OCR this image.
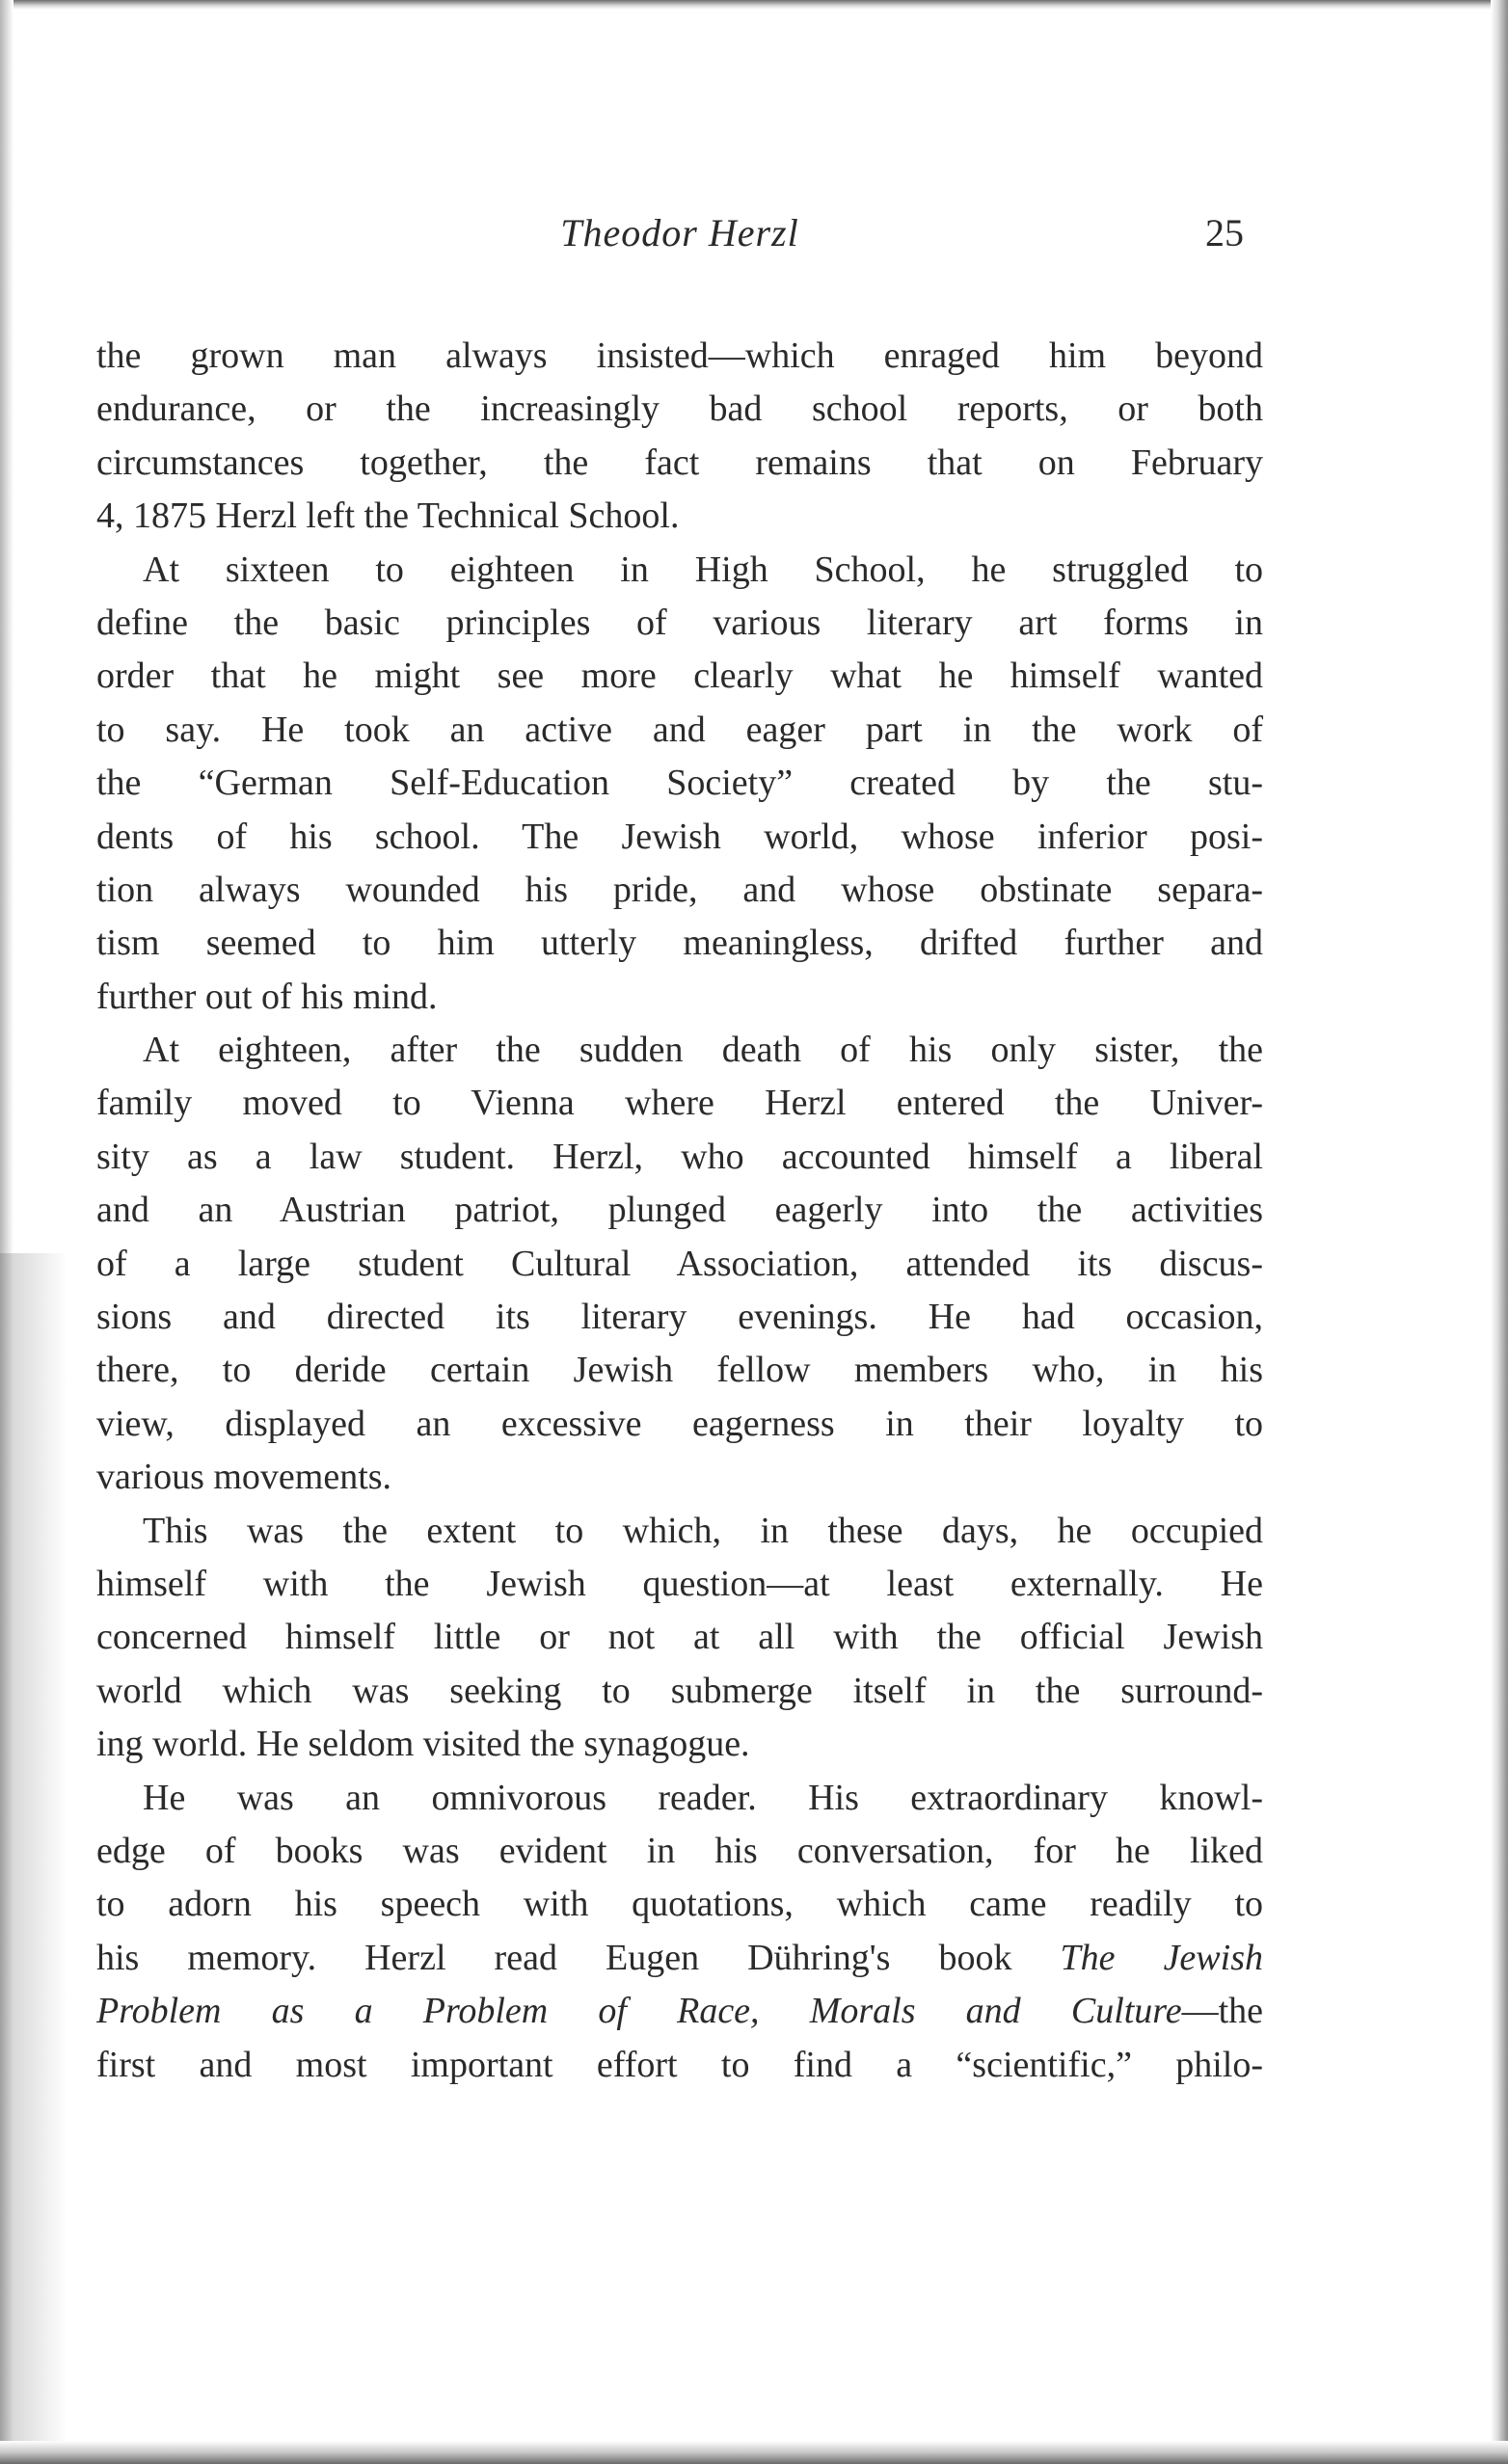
Theodor Herzl	25
the grown man always insisted—which enraged him beyond
endurance, or the increasingly bad school reports, or both
circumstances together, the fact remains that on February
4, 1875 Herzl left the Technical School.
At sixteen to eighteen in High School, he struggled to
define the basic principles of various literary art forms in
order that he might see more clearly what he himself wanted
to say. He took an active and eager part in the work of
the “German Self-Education Society” created by the stu-
dents of his school. The Jewish world, whose inferior posi-
tion always wounded his pride, and whose obstinate separa-
tism seemed to him utterly meaningless, drifted further and
further out of his mind.
At eighteen, after the sudden death of his only sister, the
family moved to Vienna where Herzl entered the Univer-
sity as a law student. Herzl, who accounted himself a liberal
and an Austrian patriot, plunged eagerly into the activities
of a large student Cultural Association, attended its discus-
sions and directed its literary evenings. He had occasion,
there, to deride certain Jewish fellow members who, in his
view, displayed an excessive eagerness in their loyalty to
various movements.
This was the extent to which, in these days, he occupied
himself with the Jewish question—at least externally. He
concerned himself little or not at all with the official Jewish
world which was seeking to submerge itself in the surround-
ing world. He seldom visited the synagogue.
He was an omnivorous reader. His extraordinary knowl-
edge of books was evident in his conversation, for he liked
to adorn his speech with quotations, which came readily to
his memory. Herzl read Eugen Dühring's book The Jewish
Problem as a Problem of Race, Morals and Culture—the
first and most important effort to find a “scientific,” philo-
